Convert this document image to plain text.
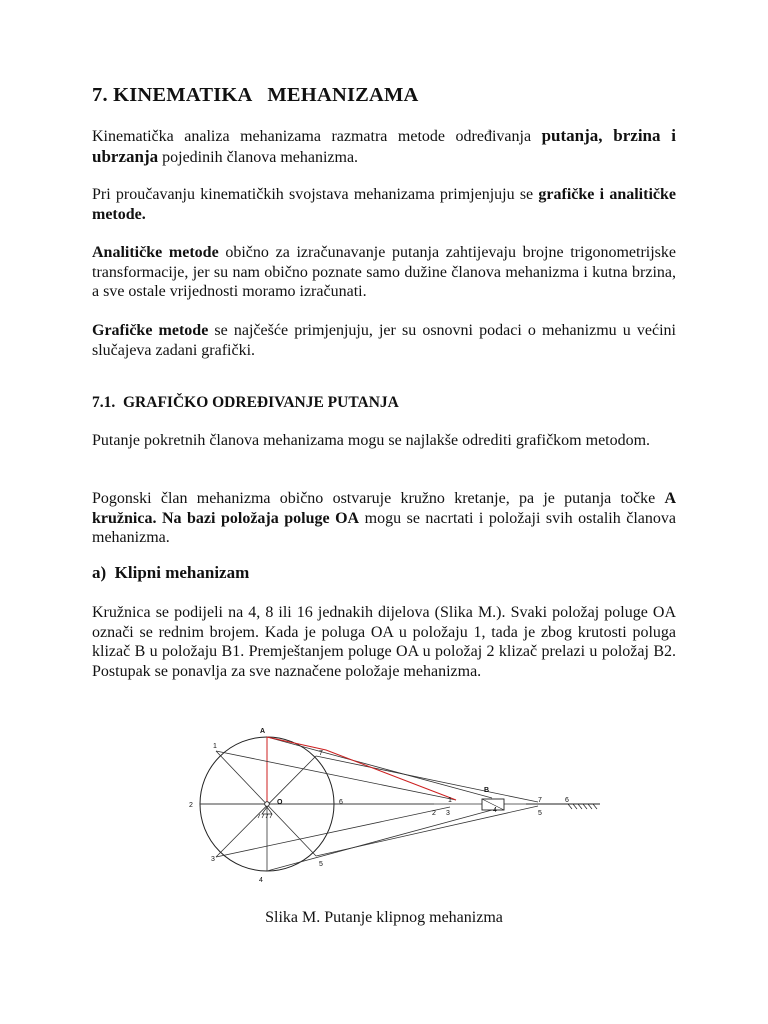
7. KINEMATIKA   MEHANIZAMA

Kinematička analiza mehanizama razmatra metode određivanja putanja, brzina i ubrzanja pojedinih članova mehanizma.

Pri proučavanju kinematičkih svojstava mehanizama primjenjuju se grafičke i analitičke metode.

Analitičke metode obično za izračunavanje putanja zahtijevaju brojne trigonometrijske transformacije, jer su nam obično poznate samo dužine članova mehanizma i kutna brzina, a sve ostale vrijednosti moramo izračunati.

Grafičke metode se najčešće primjenjuju, jer su osnovni podaci o mehanizmu u većini slučajeva zadani grafički.

7.1.  GRAFIČKO ODREĐIVANJE PUTANJA

Putanje pokretnih članova mehanizama mogu se najlakše odrediti grafičkom metodom.

Pogonski član mehanizma obično ostvaruje kružno kretanje, pa je putanja točke A kružnica. Na bazi položaja poluge OA mogu se nacrtati i položaji svih ostalih članova mehanizma.

a)  Klipni mehanizam

Kružnica se podijeli na 4, 8 ili 16 jednakih dijelova (Slika M.). Svaki položaj poluge OA označi se rednim brojem. Kada je poluga OA u položaju 1, tada je zbog krutosti poluga klizač B u položaju B1. Premještanjem poluge OA u položaj 2 klizač prelazi u položaj B2. Postupak se ponavlja za sve naznačene položaje mehanizma.

Slika M. Putanje klipnog mehanizma
A
O
B
1
2
3
4
5
6
7
1
2 3	4	5
6
7
